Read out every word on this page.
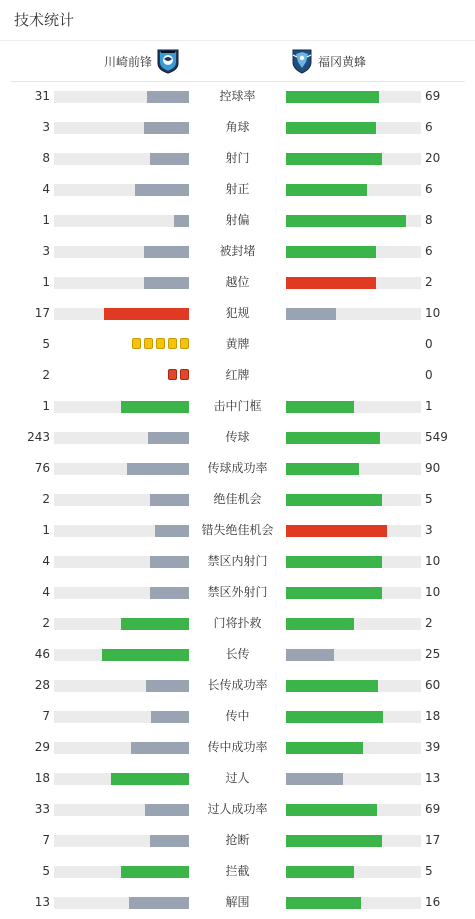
技术统计
川崎前锋	福冈黄蜂
31	控球率	69
3	角球	6
8	射门	20
4	射正	6
1	射偏	8
3	被封堵	6
1	越位	2
17	犯规	10
5	黄牌	0
2	红牌	0
1	击中门框	1
243	传球	549
76	传球成功率	90
2	绝佳机会	5
1	错失绝佳机会	3
4	禁区内射门	10
4	禁区外射门	10
2	门将扑救	2
46	长传	25
28	长传成功率	60
7	传中	18
29	传中成功率	39
18	过人	13
33	过人成功率	69
7	抢断	17
5	拦截	5
13	解围	16
